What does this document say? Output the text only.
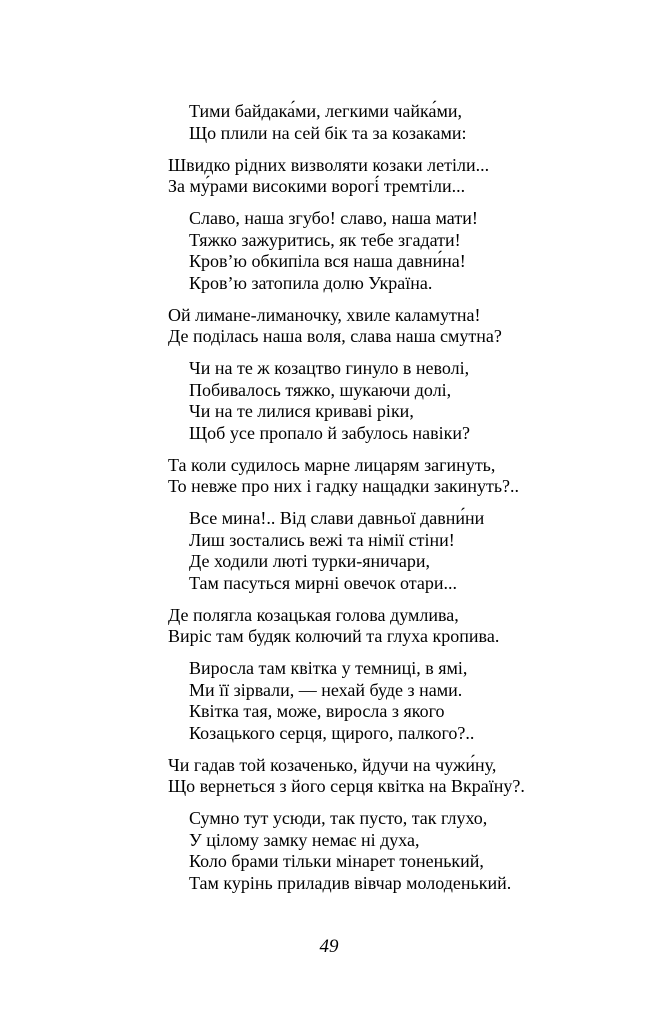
Тими байдака́ми, легкими чайка́ми,
Що плили на сей бік та за козаками:
Швидко рідних визволяти козаки летіли...
За му́рами високими ворогі́ тремтіли...
Славо, наша згубо! славо, наша мати!
Тяжко зажуритись, як тебе згадати!
Кров’ю обкипіла вся наша давни́на!
Кров’ю затопила долю Україна.
Ой лимане-лиманочку, хвиле каламутна!
Де поділась наша воля, слава наша смутна?
Чи на те ж козацтво гинуло в неволі,
Побивалось тяжко, шукаючи долі,
Чи на те лилися криваві ріки,
Щоб усе пропало й забулось навіки?
Та коли судилось марне лицарям загинуть,
То невже про них і гадку нащадки закинуть?..
Все мина!.. Від слави давньої давни́ни
Лиш зостались вежі та німії стіни!
Де ходили люті турки-яничари,
Там пасуться мирні овечок отари...
Де полягла козацькая голова думлива,
Виріс там будяк колючий та глуха кропива.
Виросла там квітка у темниці, в ямі,
Ми її зірвали, — нехай буде з нами.
Квітка тая, може, виросла з якого
Козацького серця, щирого, палкого?..
Чи гадав той козаченько, йдучи на чужи́ну,
Що вернеться з його серця квітка на Вкраїну?.
Сумно тут усюди, так пусто, так глухо,
У цілому замку немає ні духа,
Коло брами тільки мінарет тоненький,
Там курінь приладив вівчар молоденький.
49
